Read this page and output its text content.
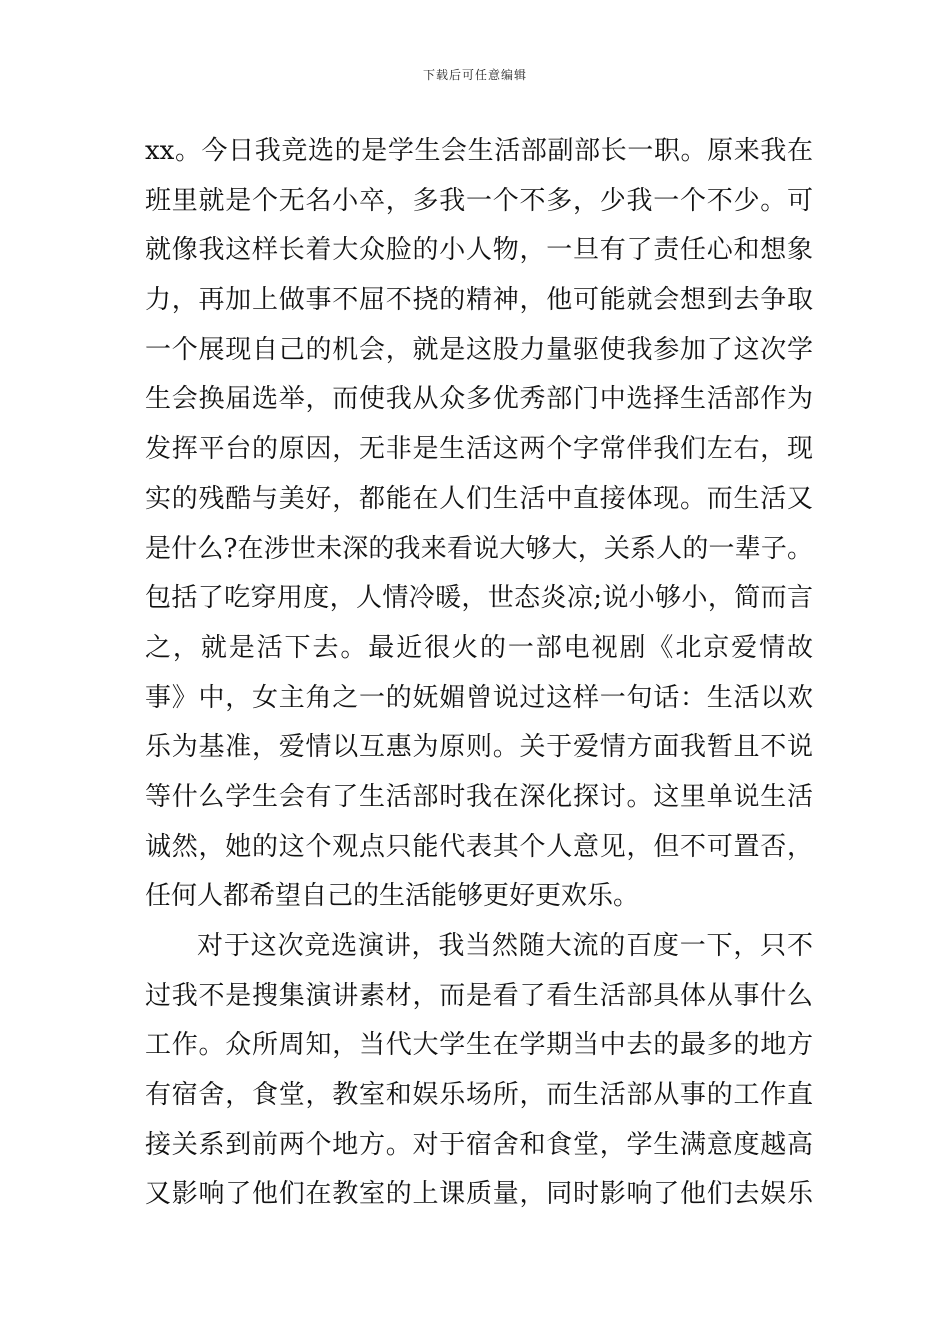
下载后可任意编辑
xx。今日我竞选的是学生会生活部副部长一职。原来我在
班里就是个无名小卒，多我一个不多，少我一个不少。可
就像我这样长着大众脸的小人物，一旦有了责任心和想象
力，再加上做事不屈不挠的精神，他可能就会想到去争取
一个展现自己的机会，就是这股力量驱使我参加了这次学
生会换届选举，而使我从众多优秀部门中选择生活部作为
发挥平台的原因，无非是生活这两个字常伴我们左右，现
实的残酷与美好，都能在人们生活中直接体现。而生活又
是什么?在涉世未深的我来看说大够大，关系人的一辈子。
包括了吃穿用度，人情冷暖，世态炎凉;说小够小，简而言
之，就是活下去。最近很火的一部电视剧《北京爱情故
事》中，女主角之一的妩媚曾说过这样一句话：生活以欢
乐为基准，爱情以互惠为原则。关于爱情方面我暂且不说
等什么学生会有了生活部时我在深化探讨。这里单说生活
诚然，她的这个观点只能代表其个人意见，但不可置否，
任何人都希望自己的生活能够更好更欢乐。
对于这次竞选演讲，我当然随大流的百度一下，只不
过我不是搜集演讲素材，而是看了看生活部具体从事什么
工作。众所周知，当代大学生在学期当中去的最多的地方
有宿舍，食堂，教室和娱乐场所，而生活部从事的工作直
接关系到前两个地方。对于宿舍和食堂，学生满意度越高
又影响了他们在教室的上课质量，同时影响了他们去娱乐
